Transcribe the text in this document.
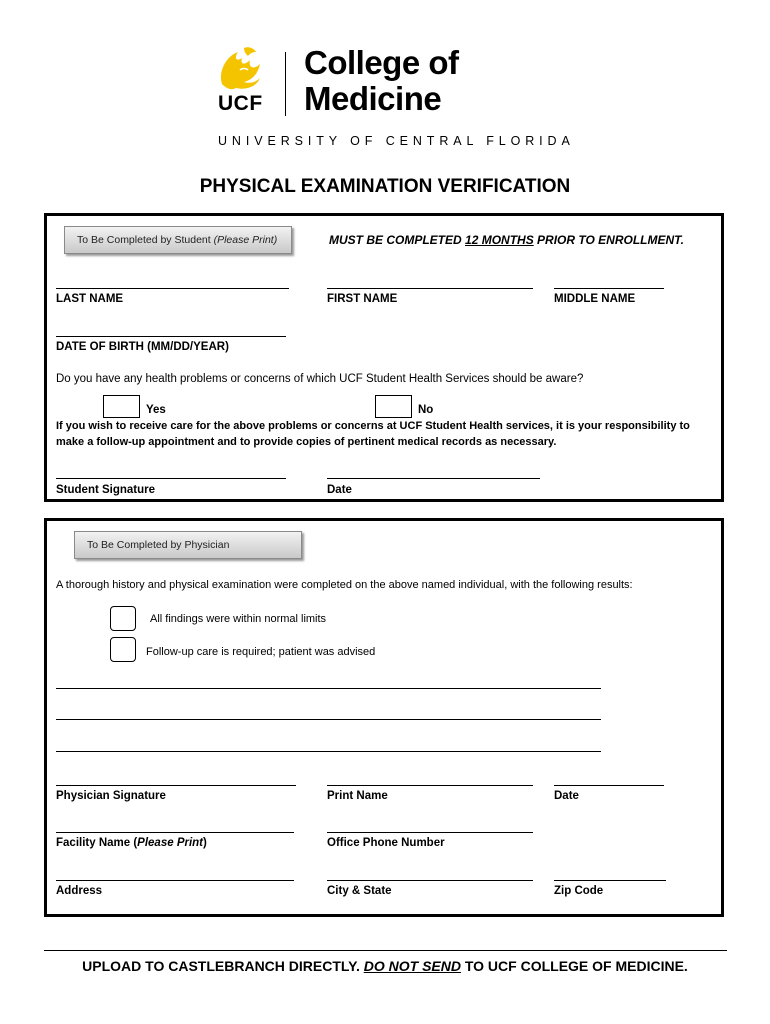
UCF
College of
Medicine
UNIVERSITY OF CENTRAL FLORIDA
PHYSICAL EXAMINATION VERIFICATION
To Be Completed by Student (Please Print)	MUST BE COMPLETED 12 MONTHS PRIOR TO ENROLLMENT.
LAST NAME	FIRST NAME	MIDDLE NAME
DATE OF BIRTH (MM/DD/YEAR)
Do you have any health problems or concerns of which UCF Student Health Services should be aware?
Yes	No
If you wish to receive care for the above problems or concerns at UCF Student Health services, it is your responsibility to
make a follow-up appointment and to provide copies of pertinent medical records as necessary.
Student Signature	Date
To Be Completed by Physician
A thorough history and physical examination were completed on the above named individual, with the following results:
All findings were within normal limits
Follow-up care is required; patient was advised
Physician Signature	Print Name	Date
Facility Name (Please Print)	Office Phone Number
Address	City & State	Zip Code
UPLOAD TO CASTLEBRANCH DIRECTLY. DO NOT SEND TO UCF COLLEGE OF MEDICINE.
